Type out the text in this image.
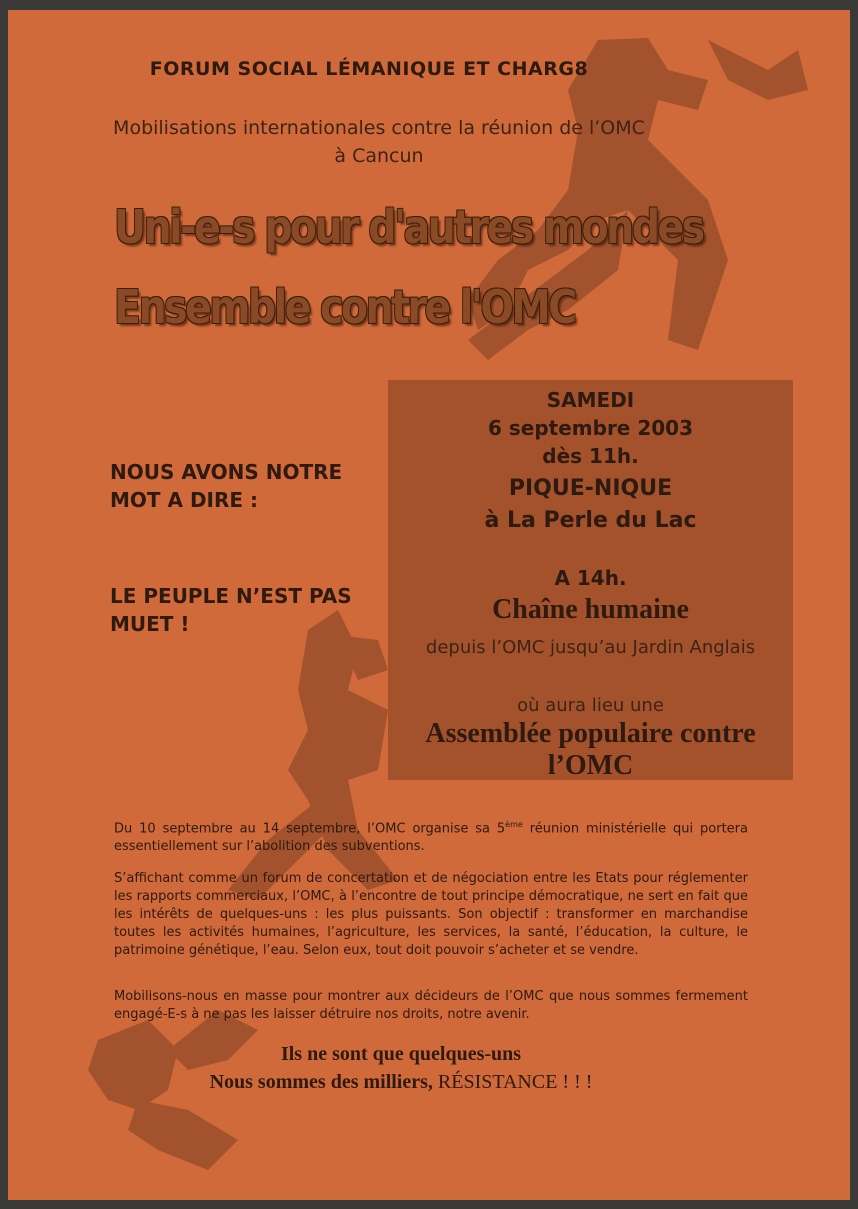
FORUM SOCIAL LÉMANIQUE ET CHARG8
Mobilisations internationales contre la réunion de l’OMC
à Cancun
Uni-e-s pour d'autres mondes
Ensemble contre l'OMC
SAMEDI
6 septembre 2003
dès 11h.
PIQUE-NIQUE
à La Perle du Lac
A 14h.
Chaîne humaine
depuis l’OMC jusqu’au Jardin Anglais
où aura lieu une
Assemblée populaire contre l’OMC
NOUS AVONS NOTRE MOT A DIRE :
LE PEUPLE N’EST PAS MUET !
Du 10 septembre au 14 septembre, l’OMC organise sa 5ème réunion ministérielle qui portera essentiellement sur l’abolition des subventions.
S’affichant comme un forum de concertation et de négociation entre les Etats pour réglementer les rapports commerciaux, l’OMC, à l’encontre de tout principe démocratique, ne sert en fait que les intérêts de quelques-uns : les plus puissants. Son objectif : transformer en marchandise toutes les activités humaines, l’agriculture, les services, la santé, l’éducation, la culture, le patrimoine génétique, l’eau. Selon eux, tout doit pouvoir s’acheter et se vendre.
Mobilisons-nous en masse pour montrer aux décideurs de l’OMC que nous sommes fermement engagé-E-s à ne pas les laisser détruire nos droits, notre avenir.
Ils ne sont que quelques-uns
Nous sommes des milliers, RÉSISTANCE ! ! !
